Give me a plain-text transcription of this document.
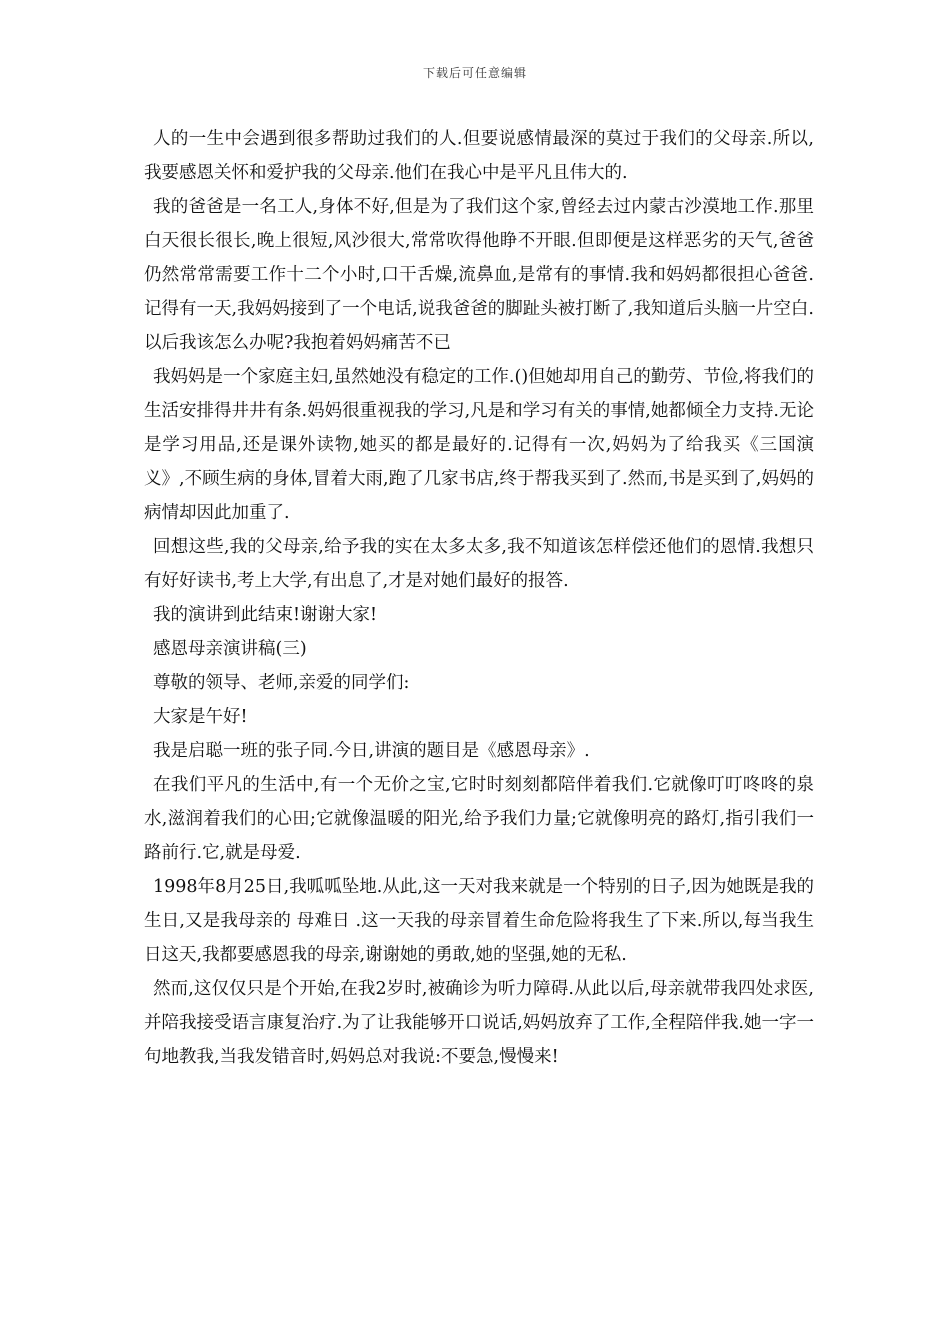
下载后可任意编辑

人的一生中会遇到很多帮助过我们的人.但要说感情最深的莫过于我们的父母亲.所以,我要感恩关怀和爱护我的父母亲.他们在我心中是平凡且伟大的.

我的爸爸是一名工人,身体不好,但是为了我们这个家,曾经去过内蒙古沙漠地工作.那里白天很长很长,晚上很短,风沙很大,常常吹得他睁不开眼.但即便是这样恶劣的天气,爸爸仍然常常需要工作十二个小时,口干舌燥,流鼻血,是常有的事情.我和妈妈都很担心爸爸.记得有一天,我妈妈接到了一个电话,说我爸爸的脚趾头被打断了,我知道后头脑一片空白.以后我该怎么办呢?我抱着妈妈痛苦不已

我妈妈是一个家庭主妇,虽然她没有稳定的工作.()但她却用自己的勤劳、节俭,将我们的生活安排得井井有条.妈妈很重视我的学习,凡是和学习有关的事情,她都倾全力支持.无论是学习用品,还是课外读物,她买的都是最好的.记得有一次,妈妈为了给我买《三国演义》,不顾生病的身体,冒着大雨,跑了几家书店,终于帮我买到了.然而,书是买到了,妈妈的病情却因此加重了.

回想这些,我的父母亲,给予我的实在太多太多,我不知道该怎样偿还他们的恩情.我想只有好好读书,考上大学,有出息了,才是对她们最好的报答.

我的演讲到此结束!谢谢大家!

感恩母亲演讲稿(三)

尊敬的领导、老师,亲爱的同学们:

大家是午好!

我是启聪一班的张子同.今日,讲演的题目是《感恩母亲》.

在我们平凡的生活中,有一个无价之宝,它时时刻刻都陪伴着我们.它就像叮叮咚咚的泉水,滋润着我们的心田;它就像温暖的阳光,给予我们力量;它就像明亮的路灯,指引我们一路前行.它,就是母爱.

1998年8月25日,我呱呱坠地.从此,这一天对我来就是一个特别的日子,因为她既是我的生日,又是我母亲的 母难日 .这一天我的母亲冒着生命危险将我生了下来.所以,每当我生日这天,我都要感恩我的母亲,谢谢她的勇敢,她的坚强,她的无私.

然而,这仅仅只是个开始,在我2岁时,被确诊为听力障碍.从此以后,母亲就带我四处求医,并陪我接受语言康复治疗.为了让我能够开口说话,妈妈放弃了工作,全程陪伴我.她一字一句地教我,当我发错音时,妈妈总对我说:不要急,慢慢来!
